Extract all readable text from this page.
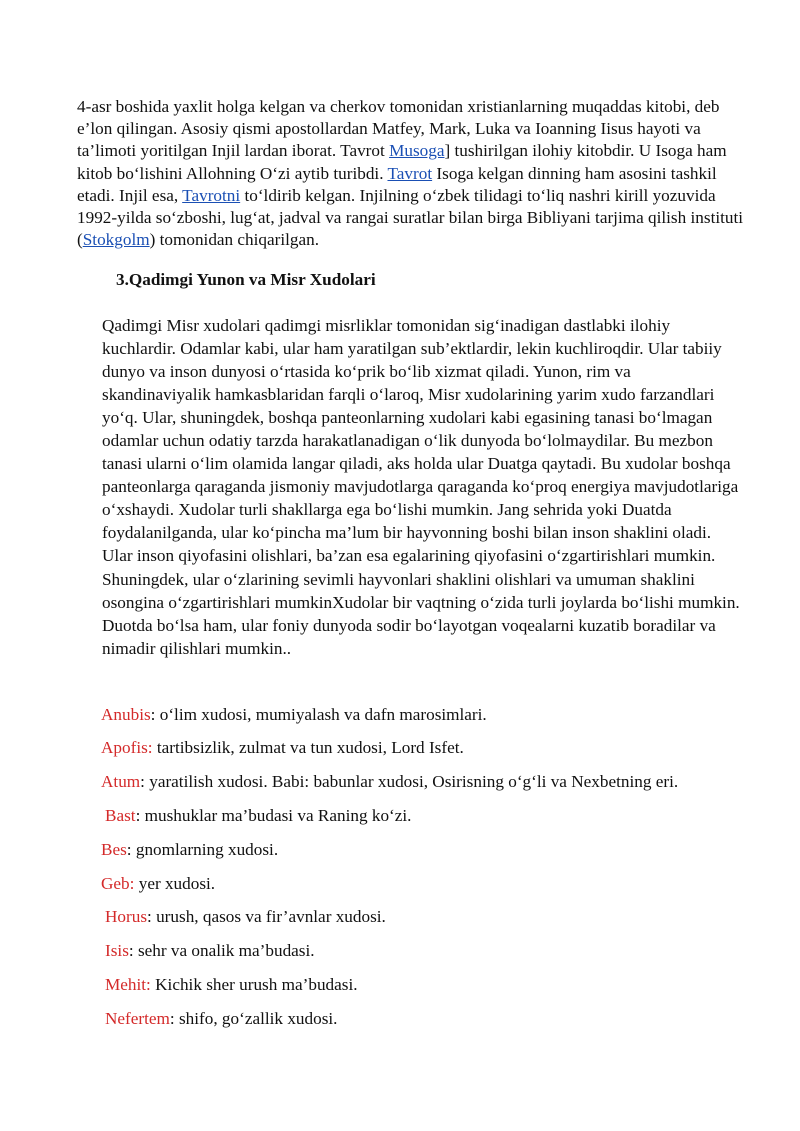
4-asr boshida yaxlit holga kelgan va cherkov tomonidan xristianlarning muqaddas kitobi, deb e’lon qilingan. Asosiy qismi apostollardan Matfey, Mark, Luka va Ioanning Iisus hayoti va ta’limoti yoritilgan Injil lardan iborat. Tavrot Musoga] tushirilgan ilohiy kitobdir. U Isoga ham kitob bo‘lishini Allohning O‘zi aytib turibdi. Tavrot Isoga kelgan dinning ham asosini tashkil etadi. Injil esa, Tavrotni to‘ldirib kelgan. Injilning o‘zbek tilidagi to‘liq nashri kirill yozuvida 1992-yilda so‘zboshi, lug‘at, jadval va rangai suratlar bilan birga Bibliyani tarjima qilish instituti (Stokgolm) tomonidan chiqarilgan.

3.Qadimgi Yunon va Misr Xudolari

Qadimgi Misr xudolari qadimgi misrliklar tomonidan sig‘inadigan dastlabki ilohiy kuchlardir. Odamlar kabi, ular ham yaratilgan sub’ektlardir, lekin kuchliroqdir. Ular tabiiy dunyo va inson dunyosi o‘rtasida ko‘prik bo‘lib xizmat qiladi. Yunon, rim va skandinaviyalik hamkasblaridan farqli o‘laroq, Misr xudolarining yarim xudo farzandlari yo‘q. Ular, shuningdek, boshqa panteonlarning xudolari kabi egasining tanasi bo‘lmagan odamlar uchun odatiy tarzda harakatlanadigan o‘lik dunyoda bo‘lolmaydilar. Bu mezbon tanasi ularni o‘lim olamida langar qiladi, aks holda ular Duatga qaytadi. Bu xudolar boshqa panteonlarga qaraganda jismoniy mavjudotlarga qaraganda ko‘proq energiya mavjudotlariga o‘xshaydi. Xudolar turli shakllarga ega bo‘lishi mumkin. Jang sehrida yoki Duatda foydalanilganda, ular ko‘pincha ma’lum bir hayvonning boshi bilan inson shaklini oladi. Ular inson qiyofasini olishlari, ba’zan esa egalarining qiyofasini o‘zgartirishlari mumkin. Shuningdek, ular o‘zlarining sevimli hayvonlari shaklini olishlari va umuman shaklini osongina o‘zgartirishlari mumkinXudolar bir vaqtning o‘zida turli joylarda bo‘lishi mumkin. Duotda bo‘lsa ham, ular foniy dunyoda sodir bo‘layotgan voqealarni kuzatib boradilar va nimadir qilishlari mumkin..

Anubis: o‘lim xudosi, mumiyalash va dafn marosimlari.
Apofis: tartibsizlik, zulmat va tun xudosi, Lord Isfet.
Atum: yaratilish xudosi. Babi: babunlar xudosi, Osirisning o‘g‘li va Nexbetning eri.
Bast: mushuklar ma’budasi va Raning ko‘zi.
Bes: gnomlarning xudosi.
Geb: yer xudosi.
Horus: urush, qasos va fir’avnlar xudosi.
Isis: sehr va onalik ma’budasi.
Mehit: Kichik sher urush ma’budasi.
Nefertem: shifo, go‘zallik xudosi.
